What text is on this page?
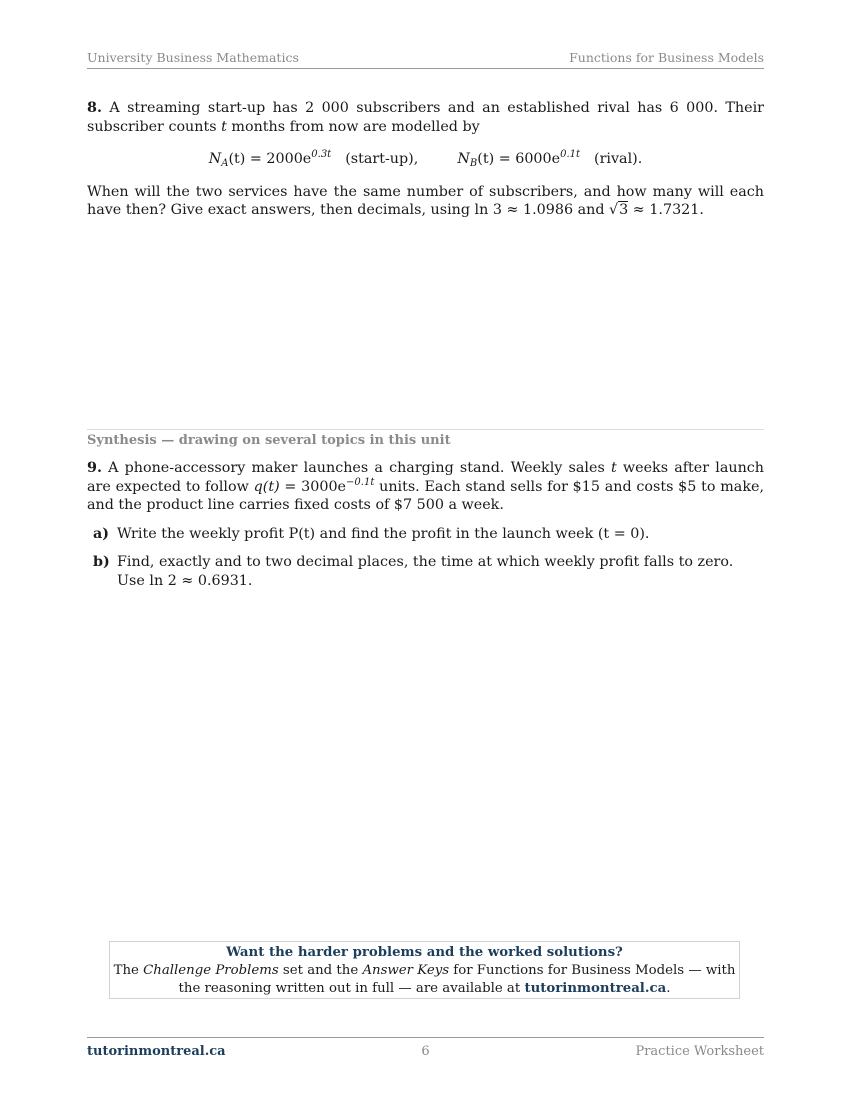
University Business Mathematics	Functions for Business Models
8. A streaming start-up has 2 000 subscribers and an established rival has 6 000. Their subscriber counts t months from now are modelled by
$N_A(t) = 2000e^{0.3t}$ (start-up),	$N_B(t) = 6000e^{0.1t}$ (rival).
When will the two services have the same number of subscribers, and how many will each have then? Give exact answers, then decimals, using ln 3 ≈ 1.0986 and √3 ≈ 1.7321.
Synthesis — drawing on several topics in this unit
9. A phone-accessory maker launches a charging stand. Weekly sales t weeks after launch are expected to follow $q(t) = 3000e^{-0.1t}$ units. Each stand sells for $15 and costs $5 to make, and the product line carries fixed costs of $7 500 a week.
a) Write the weekly profit P(t) and find the profit in the launch week (t = 0).
b) Find, exactly and to two decimal places, the time at which weekly profit falls to zero. Use ln 2 ≈ 0.6931.
Want the harder problems and the worked solutions?
The Challenge Problems set and the Answer Keys for Functions for Business Models — with the reasoning written out in full — are available at tutorinmontreal.ca.
tutorinmontreal.ca	6	Practice Worksheet
